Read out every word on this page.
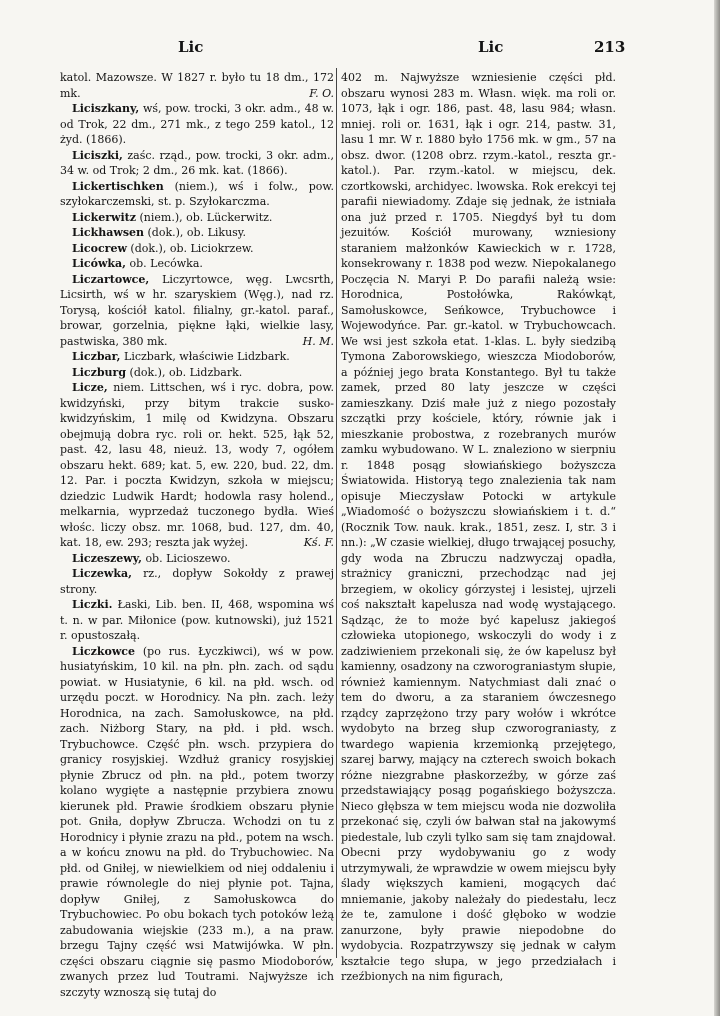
Lic	Lic	213

katol. Mazowsze. W 1827 r. było tu 18 dm., 172 mk.	F. O.

Liciszkany, wś, pow. trocki, 3 okr. adm., 48 w. od Trok, 22 dm., 271 mk., z tego 259 katol., 12 żyd. (1866).

Liciszki, zaśc. rząd., pow. trocki, 3 okr. adm., 34 w. od Trok; 2 dm., 26 mk. kat. (1866).

Lickertischken (niem.), wś i folw., pow. szyłokarczemski, st. p. Szyłokarczma.

Lickerwitz (niem.), ob. Lückerwitz.

Lickhawsen (dok.), ob. Likusy.

Licocrew (dok.), ob. Liciokrzew.

Licówka, ob. Lecówka.

Liczartowce, Liczyrtowce, węg. Lwcsrth, Licsirth, wś w hr. szaryskiem (Węg.), nad rz. Torysą, kościół katol. filialny, gr.-katol. paraf., browar, gorzelnia, piękne łąki, wielkie lasy, pastwiska, 380 mk.	H. M.

Liczbar, Liczbark, właściwie Lidzbark.

Liczburg (dok.), ob. Lidzbark.

Licze, niem. Littschen, wś i ryc. dobra, pow. kwidzyński, przy bitym trakcie susko-kwidzyńskim, 1 milę od Kwidzyna. Obszaru obejmują dobra ryc. roli or. hekt. 525, łąk 52, past. 42, lasu 48, nieuż. 13, wody 7, ogółem obszaru hekt. 689; kat. 5, ew. 220, bud. 22, dm. 12. Par. i poczta Kwidzyn, szkoła w miejscu; dziedzic Ludwik Hardt; hodowla rasy holend., melkarnia, wyprzedaż tuczonego bydła. Wieś włośc. liczy obsz. mr. 1068, bud. 127, dm. 40, kat. 18, ew. 293; reszta jak wyżej.	Kś. F.

Liczeszewy, ob. Licioszewo.

Liczewka, rz., dopływ Sokołdy z prawej strony.

Liczki. Łaski, Lib. ben. II, 468, wspomina wś t. n. w par. Miłonice (pow. kutnowski), już 1521 r. opustoszałą.

Liczkowce (po rus. Łyczkiwci), wś w pow. husiatyńskim, 10 kil. na płn. płn. zach. od sądu powiat. w Husiatynie, 6 kil. na płd. wsch. od urzędu poczt. w Horodnicy. Na płn. zach. leży Horodnica, na zach. Samołuskowce, na płd. zach. Niżborg Stary, na płd. i płd. wsch. Trybuchowce. Część płn. wsch. przypiera do granicy rosyjskiej. Wzdłuż granicy rosyjskiej płynie Zbrucz od płn. na płd., potem tworzy kolano wygięte a następnie przybiera znowu kierunek płd. Prawie środkiem obszaru płynie pot. Gniła, dopływ Zbrucza. Wchodzi on tu z Horodnicy i płynie zrazu na płd., potem na wsch. a w końcu znowu na płd. do Trybuchowiec. Na płd. od Gniłej, w niewielkiem od niej oddaleniu i prawie równolegle do niej płynie pot. Tajna, dopływ Gniłej, z Samołuskowca do Trybuchowiec. Po obu bokach tych potoków leżą zabudowania wiejskie (233 m.), a na praw. brzegu Tajny część wsi Matwijówka. W płn. części obszaru ciągnie się pasmo Miodoborów, zwanych przez lud Toutrami. Najwyższe ich szczyty wznoszą się tutaj do

402 m. Najwyższe wzniesienie części płd. obszaru wynosi 283 m. Własn. więk. ma roli or. 1073, łąk i ogr. 186, past. 48, lasu 984; własn. mniej. roli or. 1631, łąk i ogr. 214, pastw. 31, lasu 1 mr. W r. 1880 było 1756 mk. w gm., 57 na obsz. dwor. (1208 obrz. rzym.-katol., reszta gr.-katol.). Par. rzym.-katol. w miejscu, dek. czortkowski, archidyec. lwowska. Rok erekcyi tej parafii niewiadomy. Zdaje się jednak, że istniała ona już przed r. 1705. Niegdyś był tu dom jezuitów. Kościół murowany, wzniesiony staraniem małżonków Kawieckich w r. 1728, konsekrowany r. 1838 pod wezw. Niepokalanego Poczęcia N. Maryi P. Do parafii należą wsie: Horodnica, Postołówka, Rakówkąt, Samołuskowce, Seńkowce, Trybuchowce i Wojewodyńce. Par. gr.-katol. w Trybuchowcach. We wsi jest szkoła etat. 1-klas. L. były siedzibą Tymona Zaborowskiego, wieszcza Miodoborów, a później jego brata Konstantego. Był tu także zamek, przed 80 laty jeszcze w części zamieszkany. Dziś małe już z niego pozostały szczątki przy kościele, który, równie jak i mieszkanie probostwa, z rozebranych murów zamku wybudowano. W L. znaleziono w sierpniu r. 1848 posąg słowiańskiego bożyszcza Światowida. Historyą tego znalezienia tak nam opisuje Mieczysław Potocki w artykule „Wiadomość o bożyszczu słowiańskiem i t. d.“ (Rocznik Tow. nauk. krak., 1851, zesz. I, str. 3 i nn.): „W czasie wielkiej, długo trwającej posuchy, gdy woda na Zbruczu nadzwyczaj opadła, strażnicy graniczni, przechodząc nad jej brzegiem, w okolicy górzystej i lesistej, ujrzeli coś nakształt kapelusza nad wodę wystającego. Sądząc, że to może być kapelusz jakiegoś człowieka utopionego, wskoczyli do wody i z zadziwieniem przekonali się, że ów kapelusz był kamienny, osadzony na czworograniastym słupie, również kamiennym. Natychmiast dali znać o tem do dworu, a za staraniem ówczesnego rządcy zaprzężono trzy pary wołów i wkrótce wydobyto na brzeg słup czworograniasty, z twardego wapienia krzemionką przejętego, szarej barwy, mający na czterech swoich bokach różne niezgrabne płaskorzeźby, w górze zaś przedstawiający posąg pogańskiego bożyszcza. Nieco głębsza w tem miejscu woda nie dozwoliła przekonać się, czyli ów bałwan stał na jakowymś piedestale, lub czyli tylko sam się tam znajdował. Obecni przy wydobywaniu go z wody utrzymywali, że wprawdzie w owem miejscu były ślady większych kamieni, mogących dać mniemanie, jakoby należały do piedestału, lecz że te, zamulone i dość głęboko w wodzie zanurzone, były prawie niepodobne do wydobycia. Rozpatrzywszy się jednak w całym kształcie tego słupa, w jego przedziałach i rzeźbionych na nim figurach,
